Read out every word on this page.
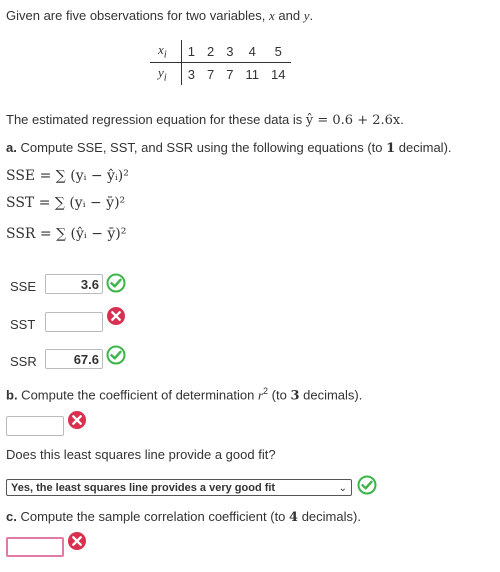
Given are five observations for two variables, x and y.
$x_i$	1	2	3	4	5
$y_i$	3	7	7	11	14
The estimated regression equation for these data is ŷ = 0.6 + 2.6x.
a. Compute SSE, SST, and SSR using the following equations (to 1 decimal).
SSE = ∑ (yᵢ − ŷᵢ)²
SST = ∑ (yᵢ − ȳ)²
SSR = ∑ (ŷᵢ − ȳ)²
SSE	3.6
SST
SSR	67.6
b. Compute the coefficient of determination $r^2$ (to 3 decimals).
Does this least squares line provide a good fit?
Yes, the least squares line provides a very good fit	⌄
c. Compute the sample correlation coefficient (to 4 decimals).
